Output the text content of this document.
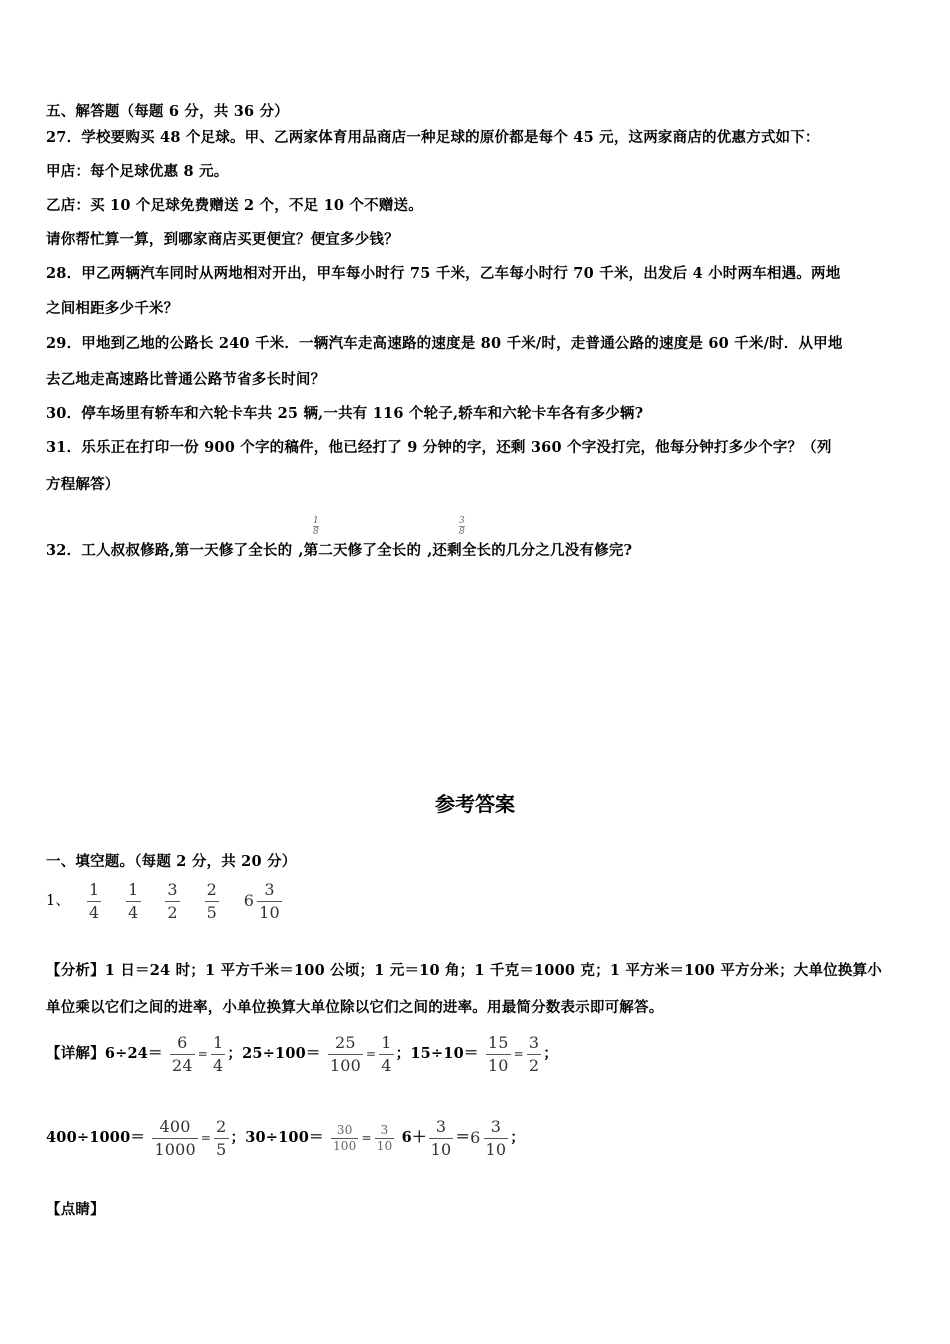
五、解答题（每题 6 分，共 36 分）
27．学校要购买 48 个足球。甲、乙两家体育用品商店一种足球的原价都是每个 45 元，这两家商店的优惠方式如下：
甲店：每个足球优惠 8 元。
乙店：买 10 个足球免费赠送 2 个，不足 10 个不赠送。
请你帮忙算一算，到哪家商店买更便宜？便宜多少钱？
28．甲乙两辆汽车同时从两地相对开出，甲车每小时行 75 千米，乙车每小时行 70 千米，出发后 4 小时两车相遇。两地
之间相距多少千米？
29．甲地到乙地的公路长 240 千米．一辆汽车走高速路的速度是 80 千米/时，走普通公路的速度是 60 千米/时．从甲地
去乙地走高速路比普通公路节省多长时间？
30．停车场里有轿车和六轮卡车共 25 辆,一共有 116 个轮子,轿车和六轮卡车各有多少辆?
31．乐乐正在打印一份 900 个字的稿件，他已经打了 9 分钟的字，还剩 360 个字没打完，他每分钟打多少个字？（列
方程解答）
32．工人叔叔修路,第一天修了全长的 ,第二天修了全长的 ,还剩全长的几分之几没有修完?
$\frac{1}{8}$	$\frac{3}{8}$
参考答案
一、填空题。（每题 2 分，共 20 分）
1、 $\frac{1}{4}$
$\frac{1}{4}$
$\frac{3}{2}$
$\frac{2}{5}$
$6 \frac{3}{10}$
【分析】1 日＝24 时；1 平方千米＝100 公顷；1 元＝10 角；1 千克＝1000 克；1 平方米＝100 平方分米；大单位换算小
单位乘以它们之间的进率，小单位换算大单位除以它们之间的进率。用最简分数表示即可解答。
【详解】$6\div 24= \frac{6}{24} = \frac{1}{4}$ ；$25\div 100= \frac{25}{100} = \frac{1}{4}$ ；$15\div 10= \frac{15}{10} = \frac{3}{2}$ ；
$400\div 1000= \frac{400}{1000} = \frac{2}{5}$ ；$30\div 100= \frac{30}{100} = \frac{3}{10} 6+ \frac{3}{10} = 6 \frac{3}{10}$ ；
【点睛】
